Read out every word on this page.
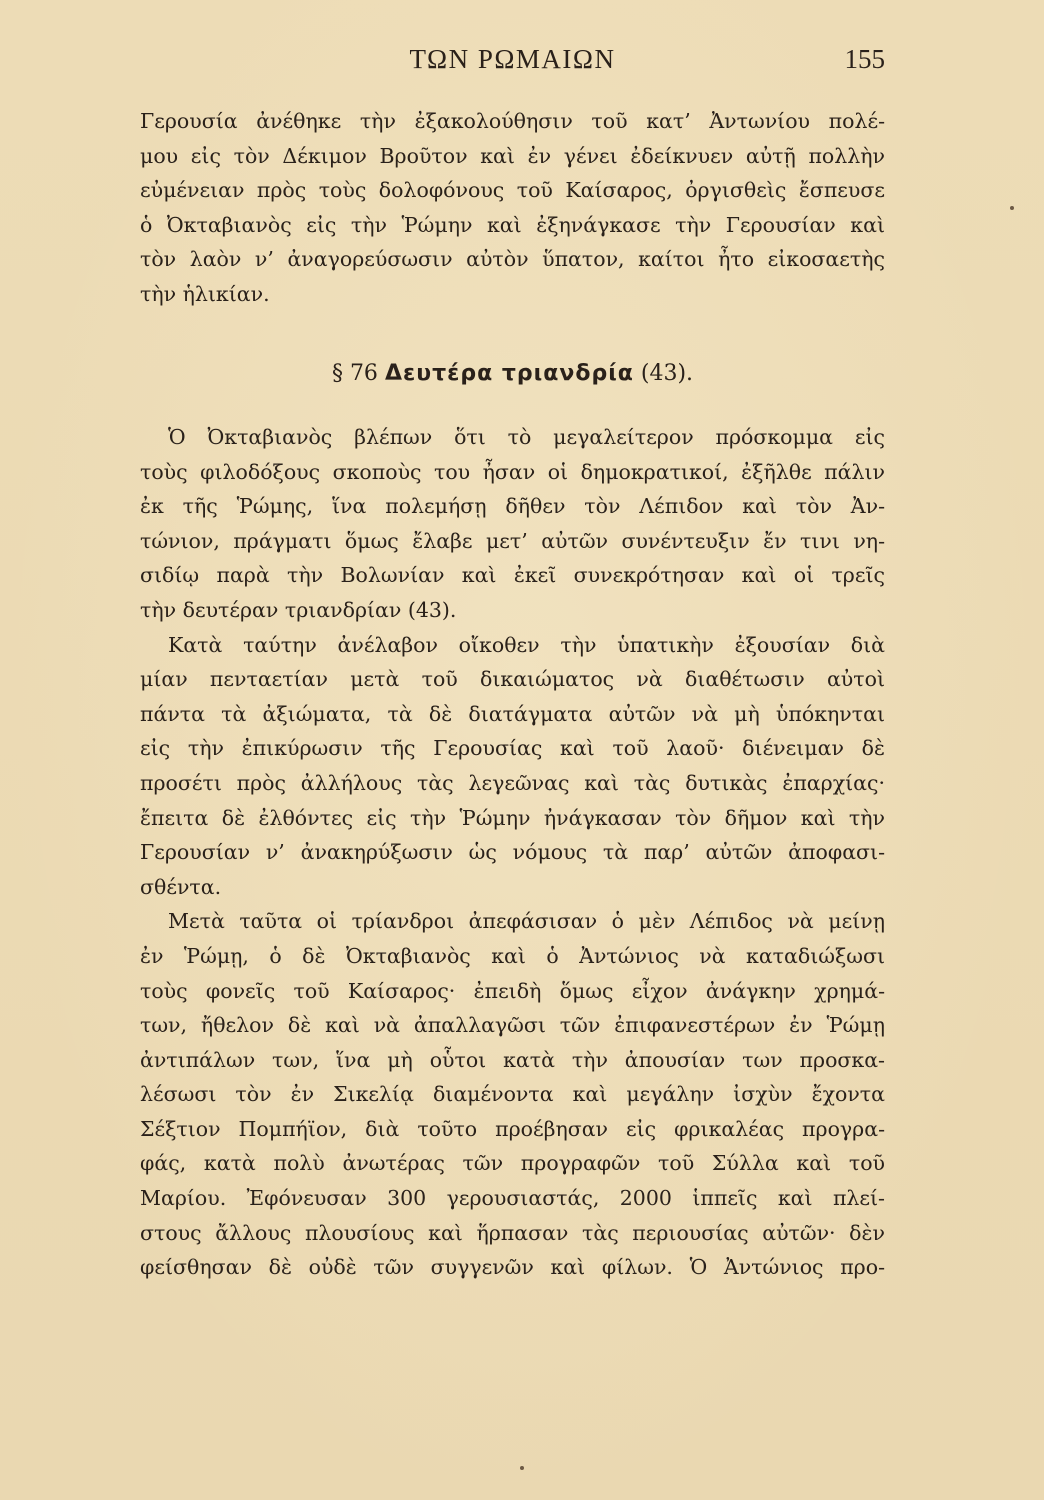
ΤΩΝ ΡΩΜΑΙΩΝ	155
Γερουσία ἀνέθηκε τὴν ἐξακολούθησιν τοῦ κατ’ Ἀντωνίου πολέ-
μου εἰς τὸν Δέκιμον Βροῦτον καὶ ἐν γένει ἐδείκνυεν αὐτῇ πολλὴν
εὐμένειαν πρὸς τοὺς δολοφόνους τοῦ Καίσαρος, ὀργισθεὶς ἔσπευσε
ὁ Ὀκταβιανὸς εἰς τὴν Ῥώμην καὶ ἐξηνάγκασε τὴν Γερουσίαν καὶ
τὸν λαὸν ν’ ἀναγορεύσωσιν αὐτὸν ὕπατον, καίτοι ἦτο εἰκοσαετὴς
τὴν ἡλικίαν.
§ 76 Δευτέρα τριανδρία (43).
Ὁ Ὀκταβιανὸς βλέπων ὅτι τὸ μεγαλείτερον πρόσκομμα εἰς
τοὺς φιλοδόξους σκοποὺς του ἦσαν οἱ δημοκρατικοί, ἐξῆλθε πάλιν
ἐκ τῆς Ῥώμης, ἵνα πολεμήσῃ δῆθεν τὸν Λέπιδον καὶ τὸν Ἀν-
τώνιον, πράγματι ὅμως ἔλαβε μετ’ αὐτῶν συνέντευξιν ἔν τινι νη-
σιδίῳ παρὰ τὴν Βολωνίαν καὶ ἐκεῖ συνεκρότησαν καὶ οἱ τρεῖς
τὴν δευτέραν τριανδρίαν (43).
Κατὰ ταύτην ἀνέλαβον οἴκοθεν τὴν ὑπατικὴν ἐξουσίαν διὰ
μίαν πενταετίαν μετὰ τοῦ δικαιώματος νὰ διαθέτωσιν αὐτοὶ
πάντα τὰ ἀξιώματα, τὰ δὲ διατάγματα αὐτῶν νὰ μὴ ὑπόκηνται
εἰς τὴν ἐπικύρωσιν τῆς Γερουσίας καὶ τοῦ λαοῦ· διένειμαν δὲ
προσέτι πρὸς ἀλλήλους τὰς λεγεῶνας καὶ τὰς δυτικὰς ἐπαρχίας·
ἔπειτα δὲ ἐλθόντες εἰς τὴν Ῥώμην ἠνάγκασαν τὸν δῆμον καὶ τὴν
Γερουσίαν ν’ ἀνακηρύξωσιν ὡς νόμους τὰ παρ’ αὐτῶν ἀποφασι-
σθέντα.
Μετὰ ταῦτα οἱ τρίανδροι ἀπεφάσισαν ὁ μὲν Λέπιδος νὰ μείνῃ
ἐν Ῥώμῃ, ὁ δὲ Ὀκταβιανὸς καὶ ὁ Ἀντώνιος νὰ καταδιώξωσι
τοὺς φονεῖς τοῦ Καίσαρος· ἐπειδὴ ὅμως εἶχον ἀνάγκην χρημά-
των, ἤθελον δὲ καὶ νὰ ἀπαλλαγῶσι τῶν ἐπιφανεστέρων ἐν Ῥώμῃ
ἀντιπάλων των, ἵνα μὴ οὗτοι κατὰ τὴν ἀπουσίαν των προσκα-
λέσωσι τὸν ἐν Σικελίᾳ διαμένοντα καὶ μεγάλην ἰσχὺν ἔχοντα
Σέξτιον Πομπήϊον, διὰ τοῦτο προέβησαν εἰς φρικαλέας προγρα-
φάς, κατὰ πολὺ ἀνωτέρας τῶν προγραφῶν τοῦ Σύλλα καὶ τοῦ
Μαρίου. Ἐφόνευσαν 300 γερουσιαστάς, 2000 ἱππεῖς καὶ πλεί-
στους ἄλλους πλουσίους καὶ ἥρπασαν τὰς περιουσίας αὐτῶν· δὲν
φείσθησαν δὲ οὐδὲ τῶν συγγενῶν καὶ φίλων. Ὁ Ἀντώνιος προ-
